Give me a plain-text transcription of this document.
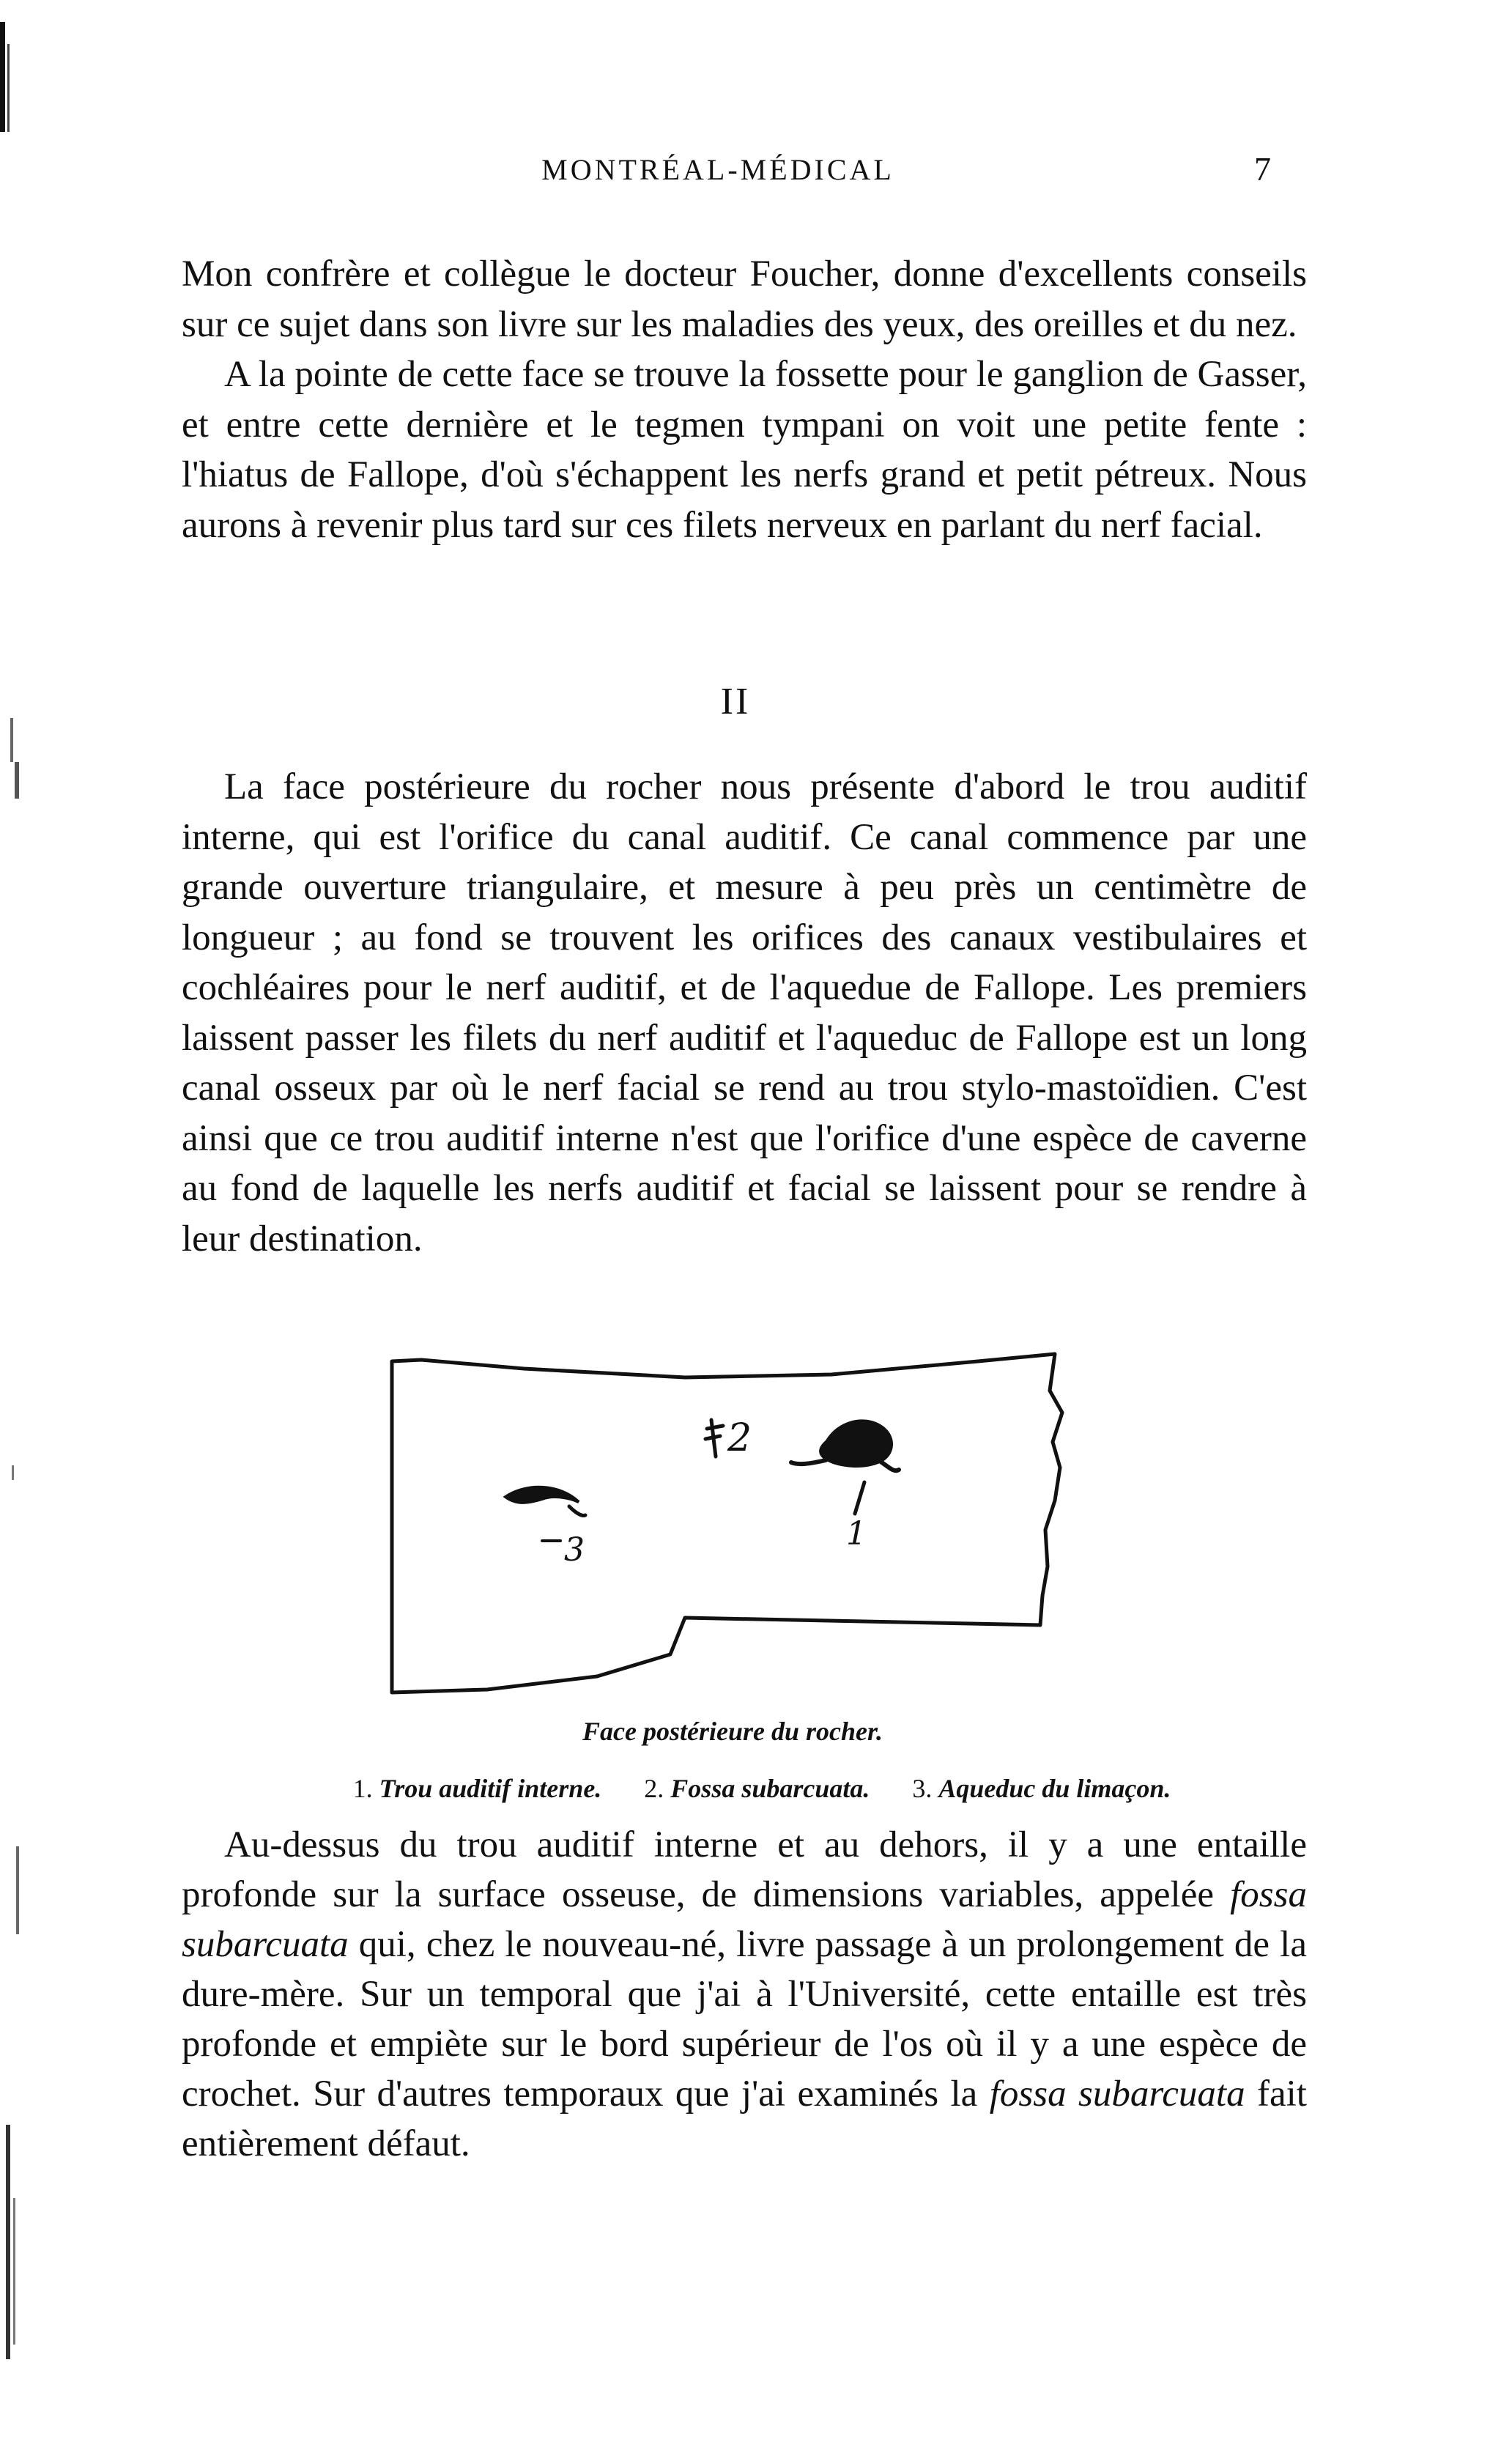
MONTRÉAL-MÉDICAL	7

Mon confrère et collègue le docteur Foucher, donne d'excellents conseils sur ce sujet dans son livre sur les maladies des yeux, des oreilles et du nez.

A la pointe de cette face se trouve la fossette pour le ganglion de Gasser, et entre cette dernière et le tegmen tympani on voit une petite fente : l'hiatus de Fallope, d'où s'échappent les nerfs grand et petit pétreux. Nous aurons à revenir plus tard sur ces filets nerveux en parlant du nerf facial.

II

La face postérieure du rocher nous présente d'abord le trou auditif interne, qui est l'orifice du canal auditif. Ce canal commence par une grande ouverture triangulaire, et mesure à peu près un centimètre de longueur ; au fond se trouvent les orifices des canaux vestibulaires et cochléaires pour le nerf auditif, et de l'aquedue de Fallope. Les premiers laissent passer les filets du nerf auditif et l'aqueduc de Fallope est un long canal osseux par où le nerf facial se rend au trou stylo-mastoïdien. C'est ainsi que ce trou auditif interne n'est que l'orifice d'une espèce de caverne au fond de laquelle les nerfs auditif et facial se laissent pour se rendre à leur destination.

1
2
3
Face postérieure du rocher.
1. Trou auditif interne. 2. Fossa subarcuata. 3. Aqueduc du limaçon.

Au-dessus du trou auditif interne et au dehors, il y a une entaille profonde sur la surface osseuse, de dimensions variables, appelée fossa subarcuata qui, chez le nouveau-né, livre passage à un prolongement de la dure-mère. Sur un temporal que j'ai à l'Université, cette entaille est très profonde et empiète sur le bord supérieur de l'os où il y a une espèce de crochet. Sur d'autres temporaux que j'ai examinés la fossa subarcuata fait entièrement défaut.
